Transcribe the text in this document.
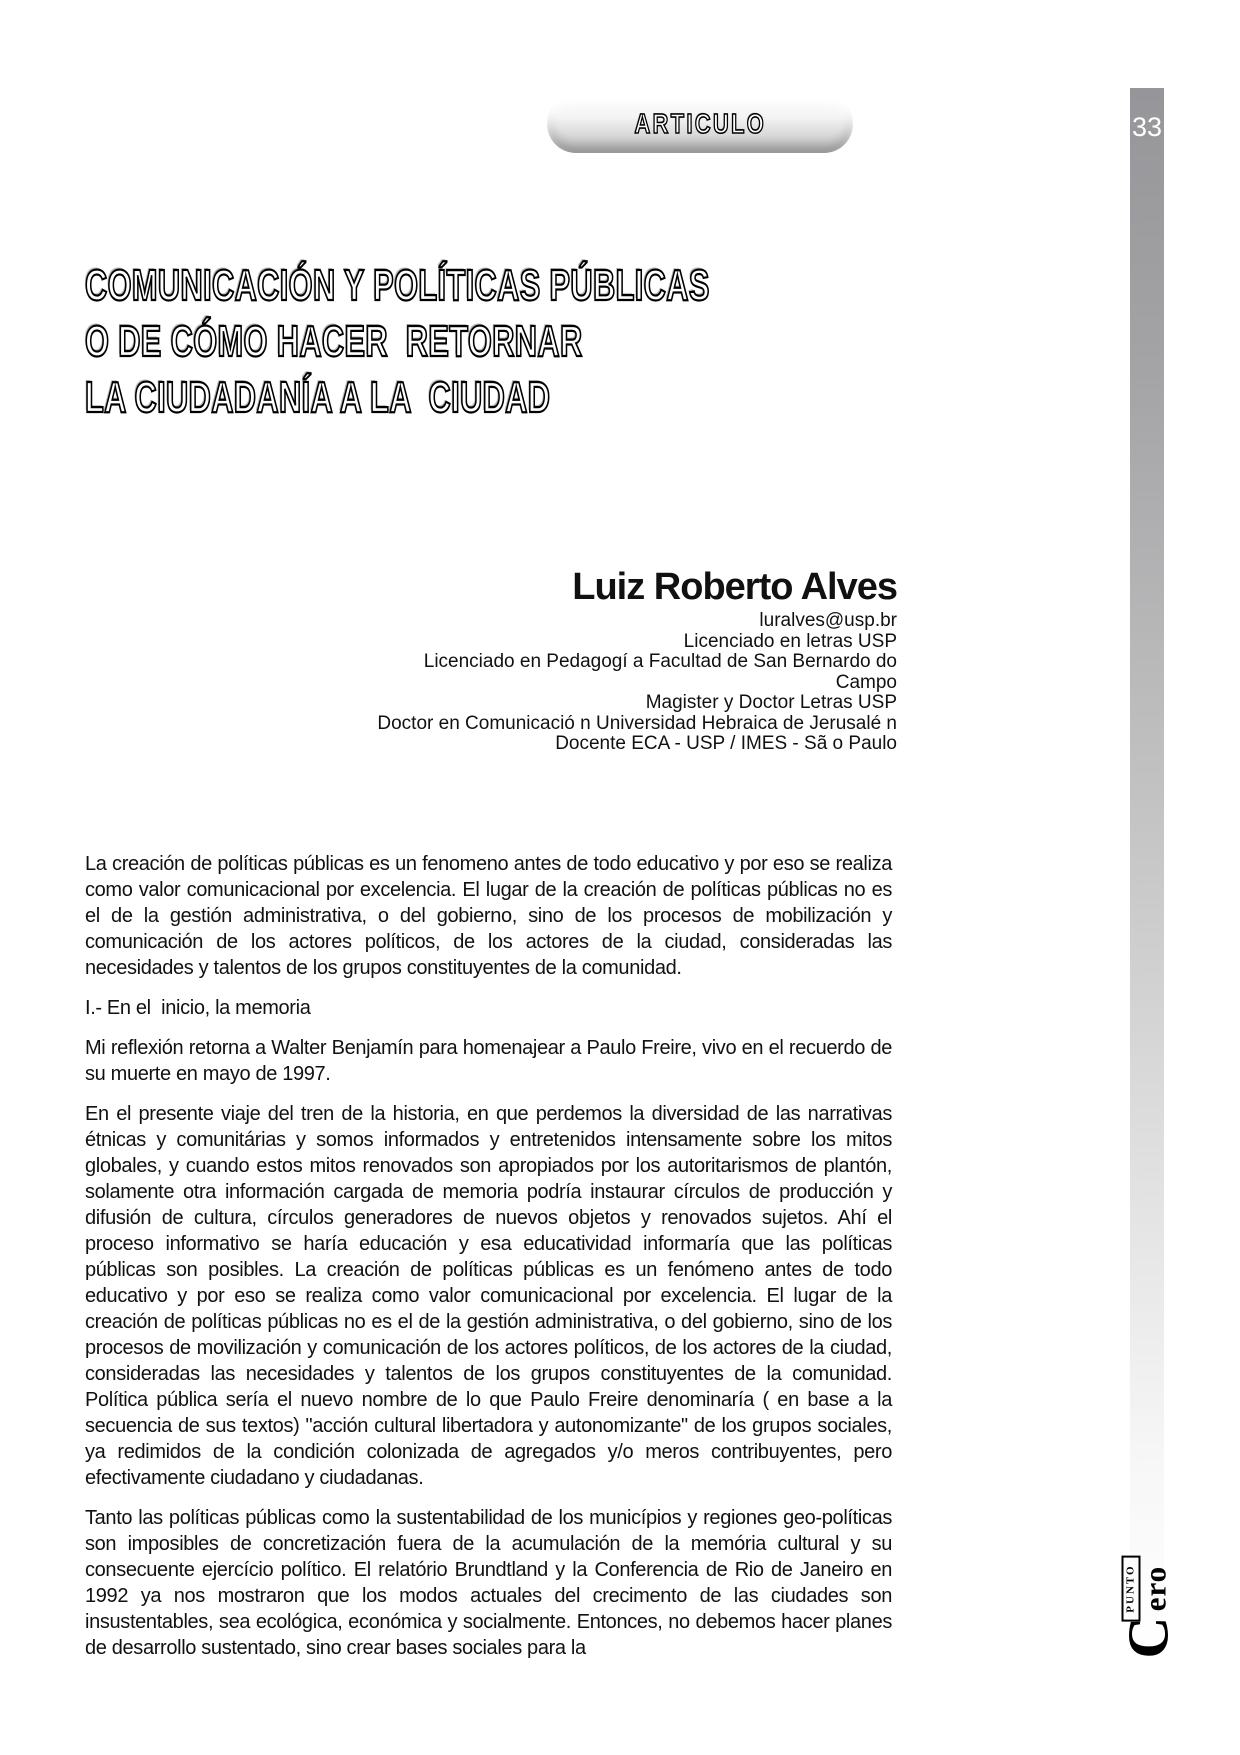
ARTICULO	33
COMUNICACIÓN Y POLÍTICAS PÚBLICAS
O DE CÓMO HACER  RETORNAR
LA CIUDADANÍA A LA  CIUDAD
Luiz Roberto Alves
luralves@usp.br
Licenciado en letras USP
Licenciado en Pedagogí a Facultad de San Bernardo do
Campo
Magister y Doctor Letras USP
Doctor en Comunicació n Universidad Hebraica de Jerusalé n
Docente ECA - USP / IMES - Sã o Paulo

La creación de políticas públicas es un fenomeno antes de todo educativo y por eso se realiza como valor comunicacional por excelencia. El lugar de la creación de políticas públicas no es el de la gestión administrativa, o del gobierno, sino de los procesos de mobilización y comunicación de los actores políticos, de los actores de la ciudad, consideradas las necesidades y talentos de los grupos constituyentes de la comunidad.

I.- En el  inicio, la memoria

Mi reflexión retorna a Walter Benjamín para homenajear a Paulo Freire, vivo en el recuerdo de su muerte en mayo de 1997.

En el presente viaje del tren de la historia, en que perdemos la diversidad de las narrativas étnicas y comunitárias y somos informados y entretenidos intensamente sobre los mitos globales, y cuando estos mitos renovados son apropiados por los autoritarismos de plantón, solamente otra información cargada de memoria podría instaurar círculos de producción y difusión de cultura, círculos generadores de nuevos objetos y renovados sujetos. Ahí el proceso informativo se haría educación y esa educatividad informaría que las políticas públicas son posibles. La creación de políticas públicas es un fenómeno antes de todo educativo y por eso se realiza como valor comunicacional por excelencia. El lugar de la creación de políticas públicas no es el de la gestión administrativa, o del gobierno, sino de los procesos de movilización y comunicación de los actores políticos, de los actores de la ciudad, consideradas las necesidades y talentos de los grupos constituyentes de la comunidad. Política pública sería el nuevo nombre de lo que Paulo Freire denominaría ( en base a la secuencia de sus textos) "acción cultural libertadora y autonomizante" de los grupos sociales, ya redimidos de la condición colonizada de agregados y/o meros contribuyentes, pero efectivamente ciudadano y ciudadanas.

Tanto las políticas públicas como la sustentabilidad de los municípios y regiones geo-políticas son imposibles de concretización fuera de la acumulación de la memória cultural y su consecuente ejercício político. El relatório Brundtland y la Conferencia de Rio de Janeiro en 1992 ya nos mostraron que los modos actuales del crecimento de las ciudades son insustentables, sea ecológica, económica y socialmente. Entonces, no debemos hacer planes de desarrollo sustentado, sino crear bases sociales para la	C
PUNTO ero
